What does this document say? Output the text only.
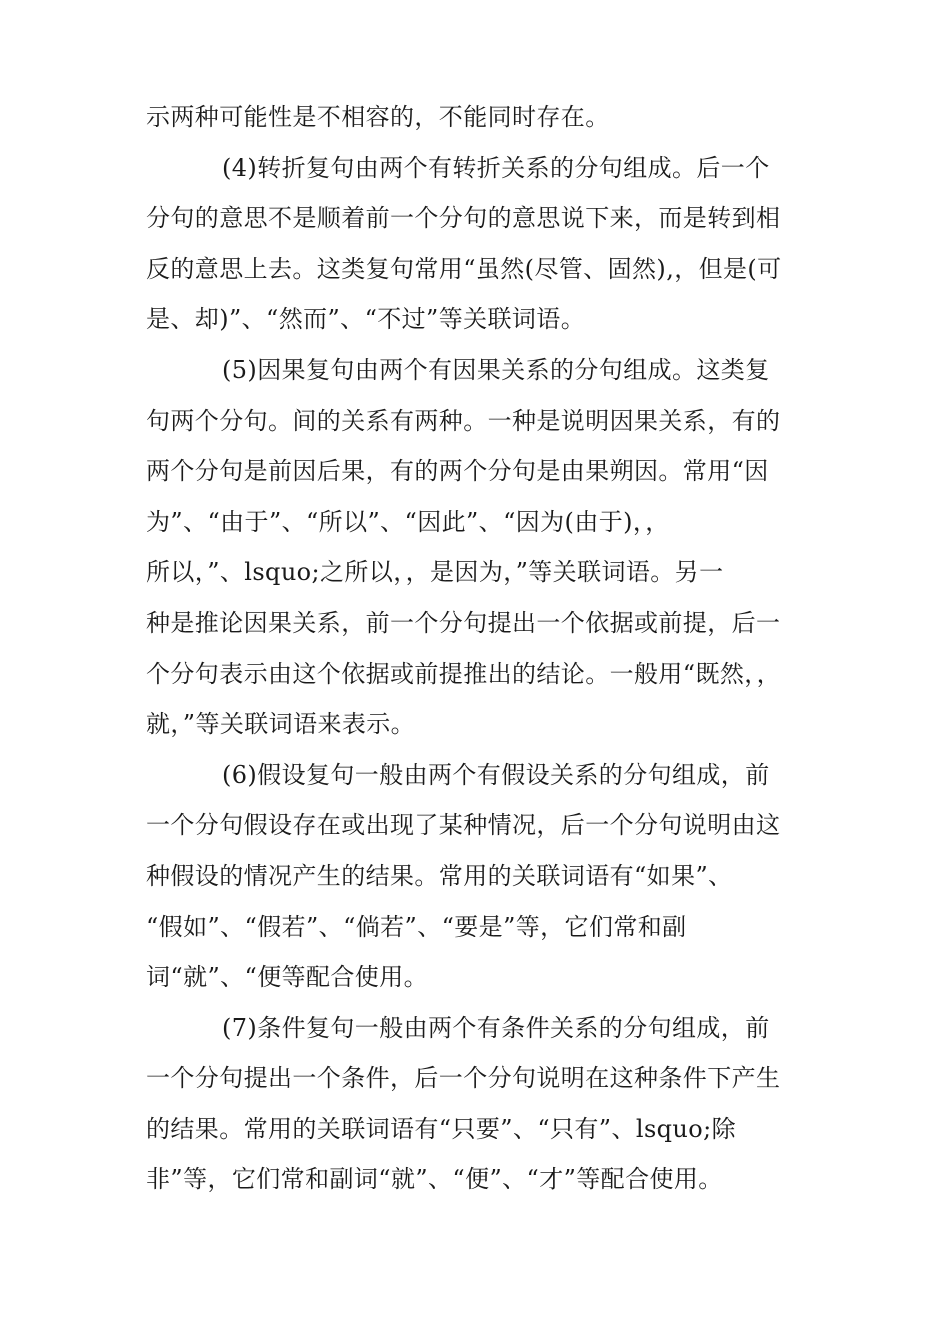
示两种可能性是不相容的，不能同时存在。
(4)转折复句由两个有转折关系的分句组成。后一个
分句的意思不是顺着前一个分句的意思说下来，而是转到相
反的意思上去。这类复句常用“虽然(尽管、固然),，但是(可
是、却)”、“然而”、“不过”等关联词语。
(5)因果复句由两个有因果关系的分句组成。这类复
句两个分句。间的关系有两种。一种是说明因果关系，有的
两个分句是前因后果，有的两个分句是由果朔因。常用“因
为”、“由于”、“所以”、“因此”、“因为(由于)，，
所以，”、lsquo;之所以，，是因为，”等关联词语。另一
种是推论因果关系，前一个分句提出一个依据或前提，后一
个分句表示由这个依据或前提推出的结论。一般用“既然，，
就，”等关联词语来表示。
(6)假设复句一般由两个有假设关系的分句组成，前
一个分句假设存在或出现了某种情况，后一个分句说明由这
种假设的情况产生的结果。常用的关联词语有“如果”、
“假如”、“假若”、“倘若”、“要是”等，它们常和副
词“就”、“便等配合使用。
(7)条件复句一般由两个有条件关系的分句组成，前
一个分句提出一个条件，后一个分句说明在这种条件下产生
的结果。常用的关联词语有“只要”、“只有”、lsquo;除
非”等，它们常和副词“就”、“便”、“才”等配合使用。
